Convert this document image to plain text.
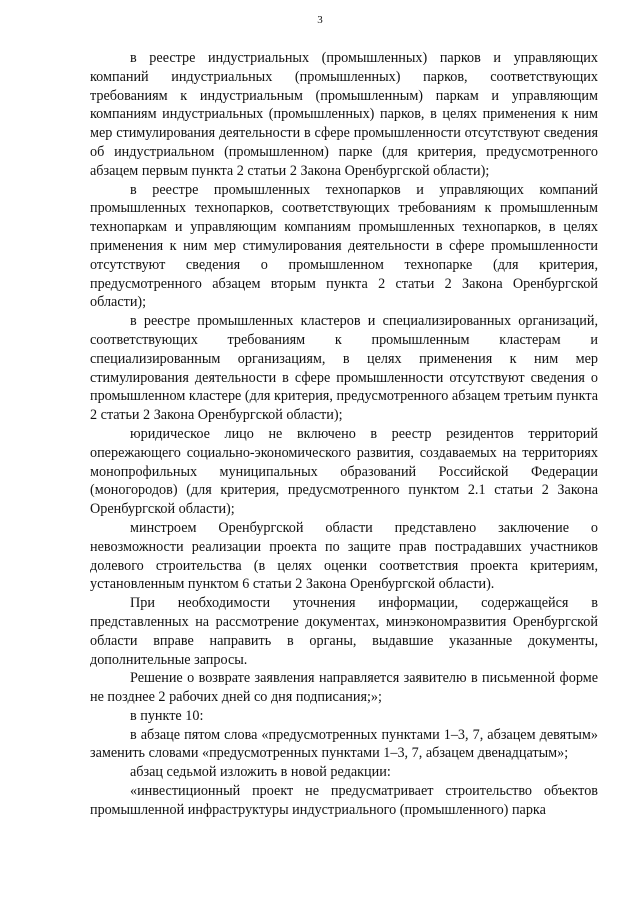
3

в реестре индустриальных (промышленных) парков и управляющих компаний индустриальных (промышленных) парков, соответствующих требованиям к индустриальным (промышленным) паркам и управляющим компаниям индустриальных (промышленных) парков, в целях применения к ним мер стимулирования деятельности в сфере промышленности отсутствуют сведения об индустриальном (промышленном) парке (для критерия, предусмотренного абзацем первым пункта 2 статьи 2 Закона Оренбургской области);

в реестре промышленных технопарков и управляющих компаний промышленных технопарков, соответствующих требованиям к промышленным технопаркам и управляющим компаниям промышленных технопарков, в целях применения к ним мер стимулирования деятельности в сфере промышленности отсутствуют сведения о промышленном технопарке (для критерия, предусмотренного абзацем вторым пункта 2 статьи 2 Закона Оренбургской области);

в реестре промышленных кластеров и специализированных организаций, соответствующих требованиям к промышленным кластерам и специализированным организациям, в целях применения к ним мер стимулирования деятельности в сфере промышленности отсутствуют сведения о промышленном кластере (для критерия, предусмотренного абзацем третьим пункта 2 статьи 2 Закона Оренбургской области);

юридическое лицо не включено в реестр резидентов территорий опережающего социально-экономического развития, создаваемых на территориях монопрофильных муниципальных образований Российской Федерации (моногородов) (для критерия, предусмотренного пунктом 2.1 статьи 2 Закона Оренбургской области);

минстроем Оренбургской области представлено заключение о невозможности реализации проекта по защите прав пострадавших участников долевого строительства (в целях оценки соответствия проекта критериям, установленным пунктом 6 статьи 2 Закона Оренбургской области).

При необходимости уточнения информации, содержащейся в представленных на рассмотрение документах, минэкономразвития Оренбургской области вправе направить в органы, выдавшие указанные документы, дополнительные запросы.

Решение о возврате заявления направляется заявителю в письменной форме не позднее 2 рабочих дней со дня подписания;»;

в пункте 10:

в абзаце пятом слова «предусмотренных пунктами 1–3, 7, абзацем девятым» заменить словами «предусмотренных пунктами 1–3, 7, абзацем двенадцатым»;

абзац седьмой изложить в новой редакции:

«инвестиционный проект не предусматривает строительство объектов промышленной инфраструктуры индустриального (промышленного) парка
